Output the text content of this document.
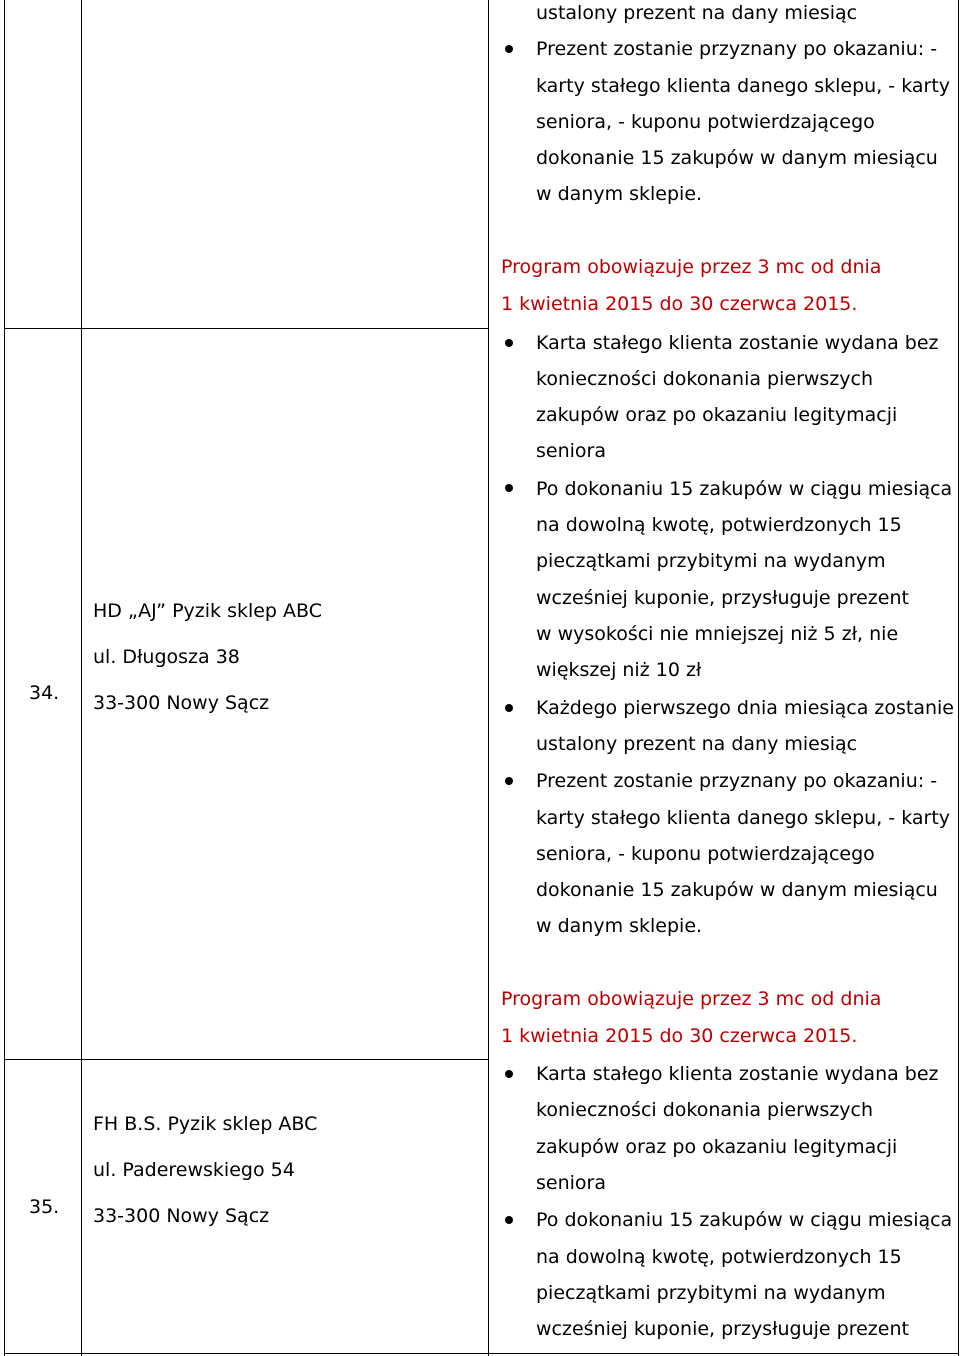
ustalony prezent na dany miesiąc
Prezent zostanie przyznany po okazaniu: -
karty stałego klienta danego sklepu, - karty
seniora, - kuponu potwierdzającego
dokonanie 15 zakupów w danym miesiącu
w danym sklepie.
Program obowiązuje przez 3 mc od dnia
1 kwietnia 2015 do 30 czerwca 2015.
34.
HD „AJ” Pyzik sklep ABC
ul. Długosza 38
33-300 Nowy Sącz
Karta stałego klienta zostanie wydana bez
konieczności dokonania pierwszych
zakupów oraz po okazaniu legitymacji
seniora
Po dokonaniu 15 zakupów w ciągu miesiąca
na dowolną kwotę, potwierdzonych 15
pieczątkami przybitymi na wydanym
wcześniej kuponie, przysługuje prezent
w wysokości nie mniejszej niż 5 zł, nie
większej niż 10 zł
Każdego pierwszego dnia miesiąca zostanie
ustalony prezent na dany miesiąc
Prezent zostanie przyznany po okazaniu: -
karty stałego klienta danego sklepu, - karty
seniora, - kuponu potwierdzającego
dokonanie 15 zakupów w danym miesiącu
w danym sklepie.
Program obowiązuje przez 3 mc od dnia
1 kwietnia 2015 do 30 czerwca 2015.
35.
FH B.S. Pyzik sklep ABC
ul. Paderewskiego 54
33-300 Nowy Sącz
Karta stałego klienta zostanie wydana bez
konieczności dokonania pierwszych
zakupów oraz po okazaniu legitymacji
seniora
Po dokonaniu 15 zakupów w ciągu miesiąca
na dowolną kwotę, potwierdzonych 15
pieczątkami przybitymi na wydanym
wcześniej kuponie, przysługuje prezent
